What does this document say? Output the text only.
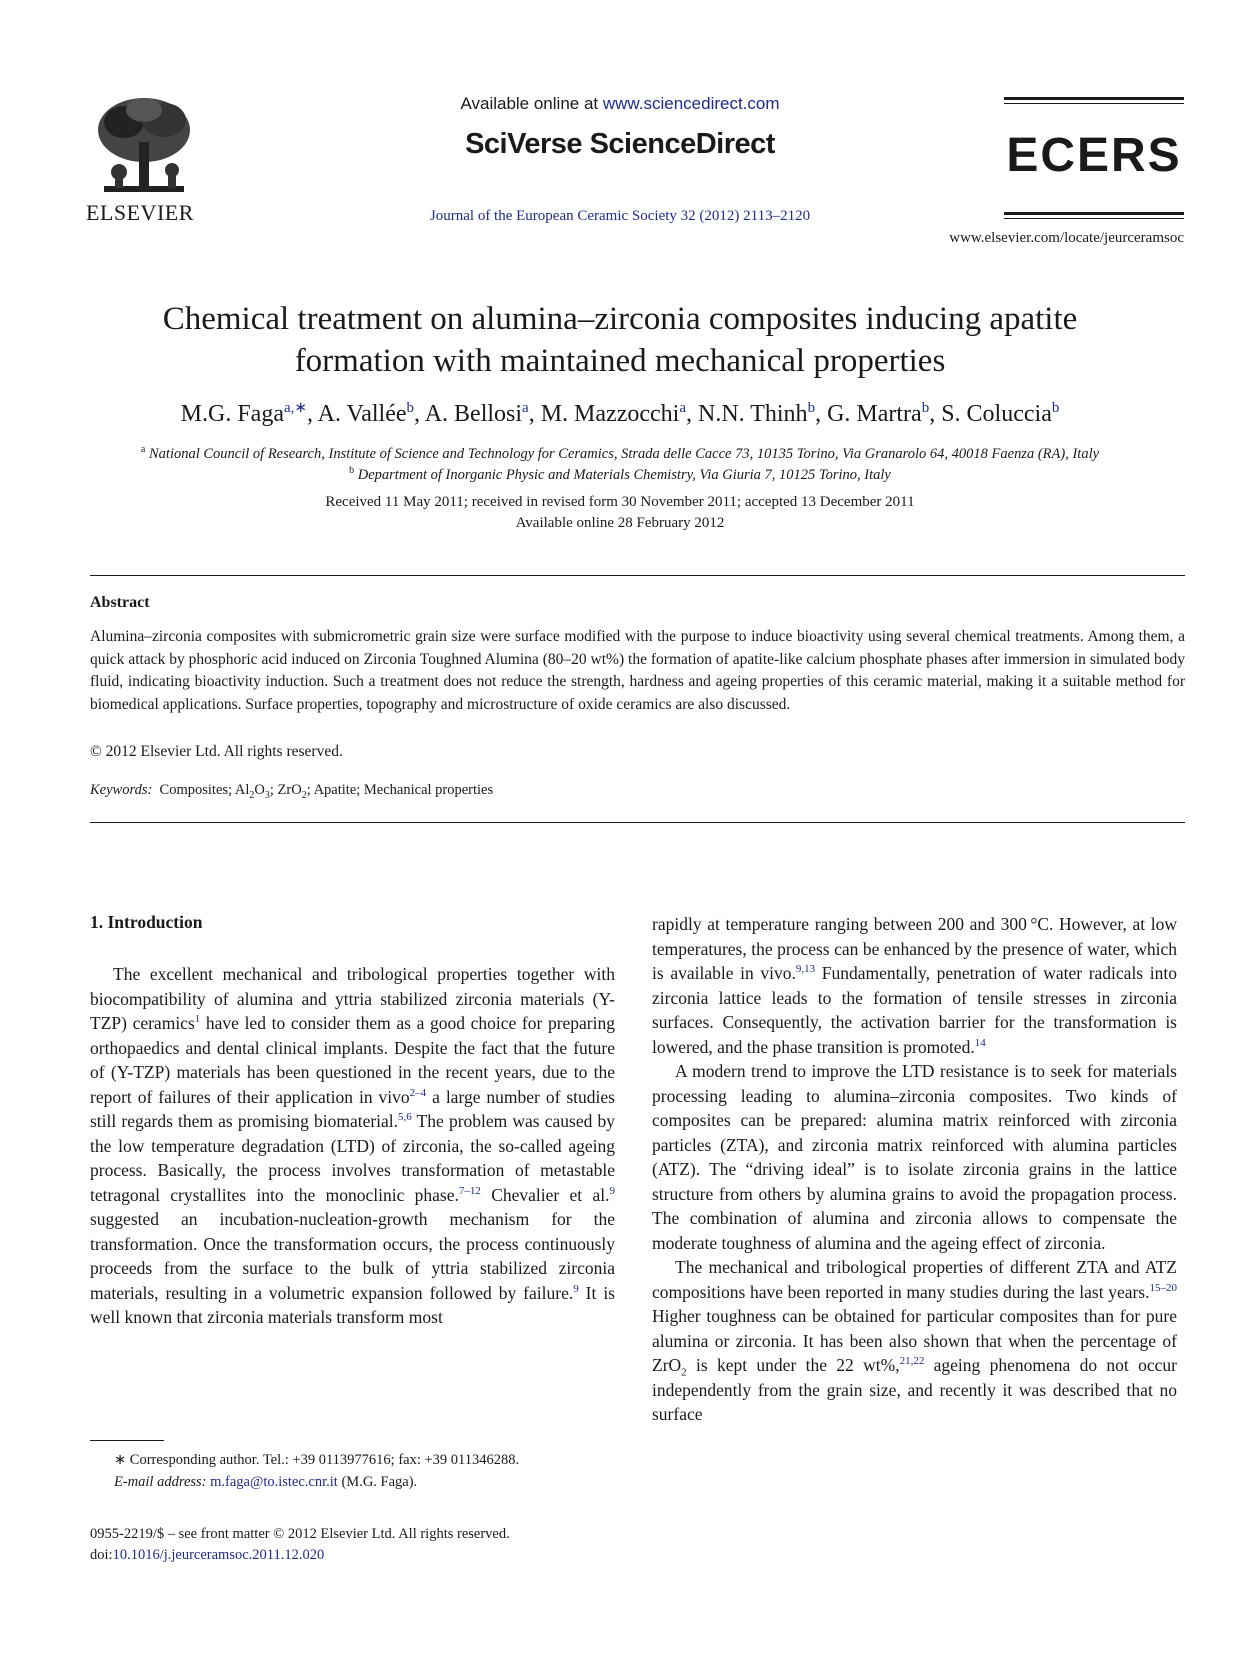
ELSEVIER
Available online at www.sciencedirect.com
SciVerse ScienceDirect
Journal of the European Ceramic Society 32 (2012) 2113–2120
ECERS
www.elsevier.com/locate/jeurceramsoc
Chemical treatment on alumina–zirconia composites inducing apatite
formation with maintained mechanical properties
M.G. Faga$^{a,∗}$, A. Vallée$^b$, A. Bellosi$^a$, M. Mazzocchi$^a$, N.N. Thinh$^b$, G. Martra$^b$, S. Coluccia$^b$
$^a$ National Council of Research, Institute of Science and Technology for Ceramics, Strada delle Cacce 73, 10135 Torino, Via Granarolo 64, 40018 Faenza (RA), Italy
$^b$ Department of Inorganic Physic and Materials Chemistry, Via Giuria 7, 10125 Torino, Italy
Received 11 May 2011; received in revised form 30 November 2011; accepted 13 December 2011
Available online 28 February 2012
Abstract
Alumina–zirconia composites with submicrometric grain size were surface modified with the purpose to induce bioactivity using several chemical treatments. Among them, a quick attack by phosphoric acid induced on Zirconia Toughned Alumina (80–20 wt%) the formation of apatite-like calcium phosphate phases after immersion in simulated body fluid, indicating bioactivity induction. Such a treatment does not reduce the strength, hardness and ageing properties of this ceramic material, making it a suitable method for biomedical applications. Surface properties, topography and microstructure of oxide ceramics are also discussed.
© 2012 Elsevier Ltd. All rights reserved.
Keywords: Composites; $Al_2O_3$; ZrO$_2$; Apatite; Mechanical properties
1. Introduction

The excellent mechanical and tribological properties together with biocompatibility of alumina and yttria stabilized zirconia materials (Y-TZP) ceramics$^1$ have led to consider them as a good choice for preparing orthopaedics and dental clinical implants. Despite the fact that the future of (Y-TZP) materials has been questioned in the recent years, due to the report of failures of their application in vivo$^{2-4}$ a large number of studies still regards them as promising biomaterial.$^{5,6}$ The problem was caused by the low temperature degradation (LTD) of zirconia, the so-called ageing process. Basically, the process involves transformation of metastable tetragonal crystallites into the monoclinic phase.$^{7-12}$ Chevalier et al.$^9$ suggested an incubation-nucleation-growth mechanism for the transformation. Once the transformation occurs, the process continuously proceeds from the surface to the bulk of yttria stabilized zirconia materials, resulting in a volumetric expansion followed by failure.$^9$ It is well known that zirconia materials transform most

rapidly at temperature ranging between 200 and 300 °C. However, at low temperatures, the process can be enhanced by the presence of water, which is available in vivo.$^{9,13}$ Fundamentally, penetration of water radicals into zirconia lattice leads to the formation of tensile stresses in zirconia surfaces. Consequently, the activation barrier for the transformation is lowered, and the phase transition is promoted.$^{14}$

A modern trend to improve the LTD resistance is to seek for materials processing leading to alumina–zirconia composites. Two kinds of composites can be prepared: alumina matrix reinforced with zirconia particles (ZTA), and zirconia matrix reinforced with alumina particles (ATZ). The “driving ideal” is to isolate zirconia grains in the lattice structure from others by alumina grains to avoid the propagation process. The combination of alumina and zirconia allows to compensate the moderate toughness of alumina and the ageing effect of zirconia.

The mechanical and tribological properties of different ZTA and ATZ compositions have been reported in many studies during the last years.$^{15-20}$ Higher toughness can be obtained for particular composites than for pure alumina or zirconia. It has been also shown that when the percentage of ZrO$_2$ is kept under the 22 wt%,$^{21,22}$ ageing phenomena do not occur independently from the grain size, and recently it was described that no surface

∗ Corresponding author. Tel.: +39 0113977616; fax: +39 011346288.
E-mail address: m.faga@to.istec.cnr.it (M.G. Faga).
0955-2219/$ – see front matter © 2012 Elsevier Ltd. All rights reserved.
doi:10.1016/j.jeurceramsoc.2011.12.020
